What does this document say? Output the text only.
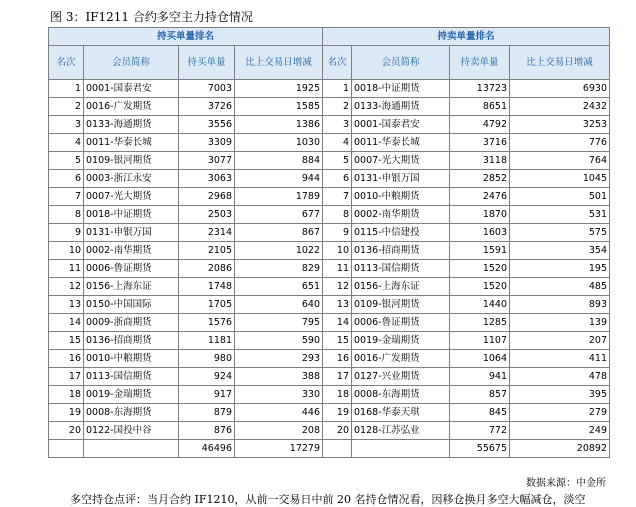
图 3：IF1211 合约多空主力持仓情况
持买单量排名				持卖单量排名			
名次	会员简称	持买单量	比上交易日增减	名次	会员简称	持卖单量	比上交易日增减
1	0001-国泰君安	7003	1925	1	0018-中证期货	13723	6930
2	0016-广发期货	3726	1585	2	0133-海通期货	8651	2432
3	0133-海通期货	3556	1386	3	0001-国泰君安	4792	3253
4	0011-华泰长城	3309	1030	4	0011-华泰长城	3716	776
5	0109-银河期货	3077	884	5	0007-光大期货	3118	764
6	0003-浙江永安	3063	944	6	0131-申银万国	2852	1045
7	0007-光大期货	2968	1789	7	0010-中粮期货	2476	501
8	0018-中证期货	2503	677	8	0002-南华期货	1870	531
9	0131-申银万国	2314	867	9	0115-中信建投	1603	575
10	0002-南华期货	2105	1022	10	0136-招商期货	1591	354
11	0006-鲁证期货	2086	829	11	0113-国信期货	1520	195
12	0156-上海东证	1748	651	12	0156-上海东证	1520	485
13	0150-中国国际	1705	640	13	0109-银河期货	1440	893
14	0009-浙商期货	1576	795	14	0006-鲁证期货	1285	139
15	0136-招商期货	1181	590	15	0019-金瑞期货	1107	207
16	0010-中粮期货	980	293	16	0016-广发期货	1064	411
17	0113-国信期货	924	388	17	0127-兴业期货	941	478
18	0019-金瑞期货	917	330	18	0008-东海期货	857	395
19	0008-东海期货	879	446	19	0168-华泰天琪	845	279
20	0122-国投中谷	876	208	20	0128-江苏弘业	772	249
		46496	17279			55675	20892
数据来源：中金所
多空持仓点评：当月合约 IF1210，从前一交易日中前 20 名持仓情况看，因移仓换月多空大幅减仓，淡空
